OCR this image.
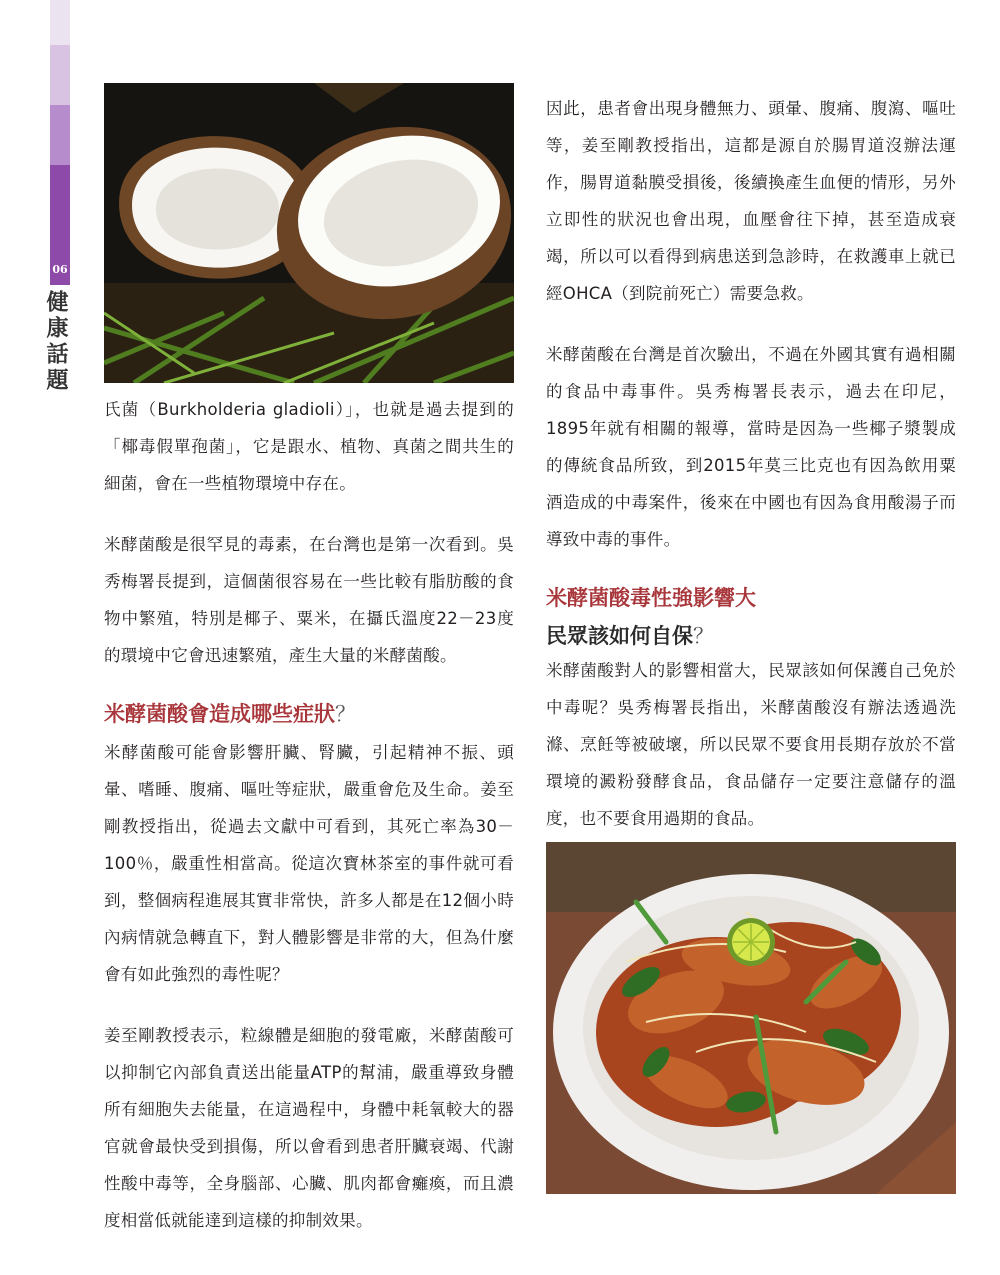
06
健康話題

氏菌（Burkholderia gladioli）」，也就是過去提到的「椰毒假單孢菌」，它是跟水、植物、真菌之間共生的細菌，會在一些植物環境中存在。

米酵菌酸是很罕見的毒素，在台灣也是第一次看到。吳秀梅署長提到，這個菌很容易在一些比較有脂肪酸的食物中繁殖，特別是椰子、粟米，在攝氏溫度22－23度的環境中它會迅速繁殖，產生大量的米酵菌酸。

米酵菌酸會造成哪些症狀？

米酵菌酸可能會影響肝臟、腎臟，引起精神不振、頭暈、嗜睡、腹痛、嘔吐等症狀，嚴重會危及生命。姜至剛教授指出，從過去文獻中可看到，其死亡率為30－100％，嚴重性相當高。從這次寶林茶室的事件就可看到，整個病程進展其實非常快，許多人都是在12個小時內病情就急轉直下，對人體影響是非常的大，但為什麼會有如此強烈的毒性呢？

姜至剛教授表示，粒線體是細胞的發電廠，米酵菌酸可以抑制它內部負責送出能量ATP的幫浦，嚴重導致身體所有細胞失去能量，在這過程中，身體中耗氧較大的器官就會最快受到損傷，所以會看到患者肝臟衰竭、代謝性酸中毒等，全身腦部、心臟、肌肉都會癱瘓，而且濃度相當低就能達到這樣的抑制效果。

因此，患者會出現身體無力、頭暈、腹痛、腹瀉、嘔吐等，姜至剛教授指出，這都是源自於腸胃道沒辦法運作，腸胃道黏膜受損後，後續換產生血便的情形，另外立即性的狀況也會出現，血壓會往下掉，甚至造成衰竭，所以可以看得到病患送到急診時，在救護車上就已經OHCA（到院前死亡）需要急救。

米酵菌酸在台灣是首次驗出，不過在外國其實有過相關的食品中毒事件。吳秀梅署長表示，過去在印尼，1895年就有相關的報導，當時是因為一些椰子漿製成的傳統食品所致，到2015年莫三比克也有因為飲用粟酒造成的中毒案件，後來在中國也有因為食用酸湯子而導致中毒的事件。

米酵菌酸毒性強影響大
民眾該如何自保？

米酵菌酸對人的影響相當大，民眾該如何保護自己免於中毒呢？吳秀梅署長指出，米酵菌酸沒有辦法透過洗滌、烹飪等被破壞，所以民眾不要食用長期存放於不當環境的澱粉發酵食品，食品儲存一定要注意儲存的溫度，也不要食用過期的食品。
